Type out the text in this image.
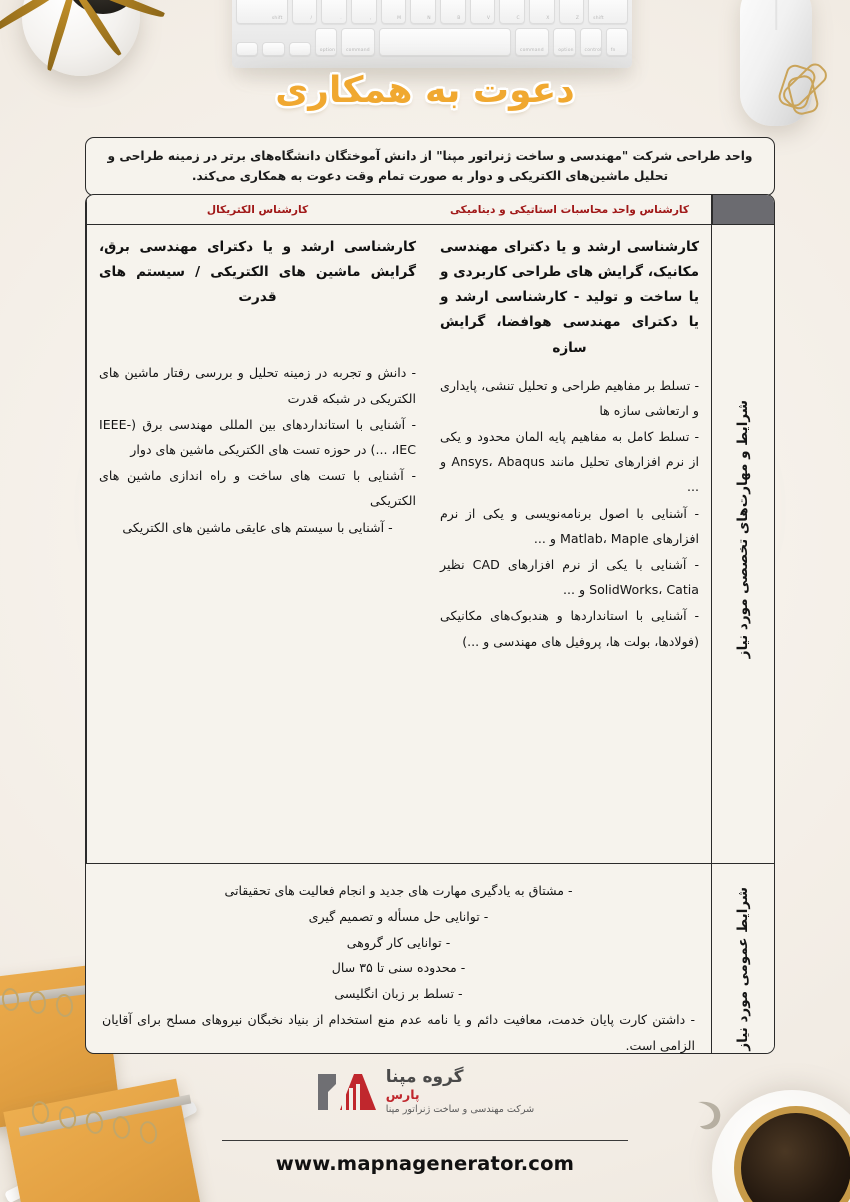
shift
Z
X
C
V
B
N
M
,
.
/
shift
fn
control
option
command
command
option
دعوت به همکاری
واحد طراحی شرکت "مهندسی و ساخت ژنراتور مپنا" از دانش آموختگان دانشگاه‌های برتر در زمینه طراحی و تحلیل ماشین‌های الکتریکی و دوار به صورت تمام وقت دعوت به همکاری می‌کند.
شرایط و مهارت‌های تخصصی مورد نیاز
کارشناس واحد محاسبات استاتیکی و دینامیکی
کارشناسی ارشد و یا دکترای مهندسی مکانیک، گرایش های طراحی کاربردی و یا ساخت و تولید - کارشناسی ارشد و یا دکترای مهندسی هوافضا، گرایش سازه
- تسلط بر مفاهیم طراحی و تحلیل تنشی، پایداری و ارتعاشی سازه ها
- تسلط کامل به مفاهیم پایه المان محدود و یکی از نرم افزارهای تحلیل مانند Ansys، Abaqus و ...
- آشنایی با اصول برنامه‌نویسی و یکی از نرم افزارهای Matlab، Maple و ...
- آشنایی با یکی از نرم افزارهای CAD نظیر SolidWorks، Catia و ...
- آشنایی با استانداردها و هندبوک‌های مکانیکی (فولادها، بولت ها، پروفیل های مهندسی و ...)
کارشناس الکتریکال
کارشناسی ارشد و یا دکترای مهندسی برق، گرایش ماشین های الکتریکی / سیستم های قدرت
- دانش و تجربه در زمینه تحلیل و بررسی رفتار ماشین های الکتریکی در شبکه قدرت
- آشنایی با استانداردهای بین المللی مهندسی برق (IEEE-IEC، ...) در حوزه تست های الکتریکی ماشین های دوار
- آشنایی با تست های ساخت و راه اندازی ماشین های الکتریکی
- آشنایی با سیستم های عایقی ماشین های الکتریکی
شرایط عمومی مورد نیاز
- مشتاق به یادگیری مهارت های جدید و انجام فعالیت های تحقیقاتی
- توانایی حل مسأله و تصمیم گیری
- توانایی کار گروهی
- محدوده سنی تا ۳۵ سال
- تسلط بر زبان انگلیسی
- داشتن کارت پایان خدمت، معافیت دائم و یا نامه عدم منع استخدام از بنیاد نخبگان نیروهای مسلح برای آقایان الزامی است.
گروه مپنا
پارس
شرکت مهندسی و ساخت ژنراتور مپنا
www.mapnagenerator.com
